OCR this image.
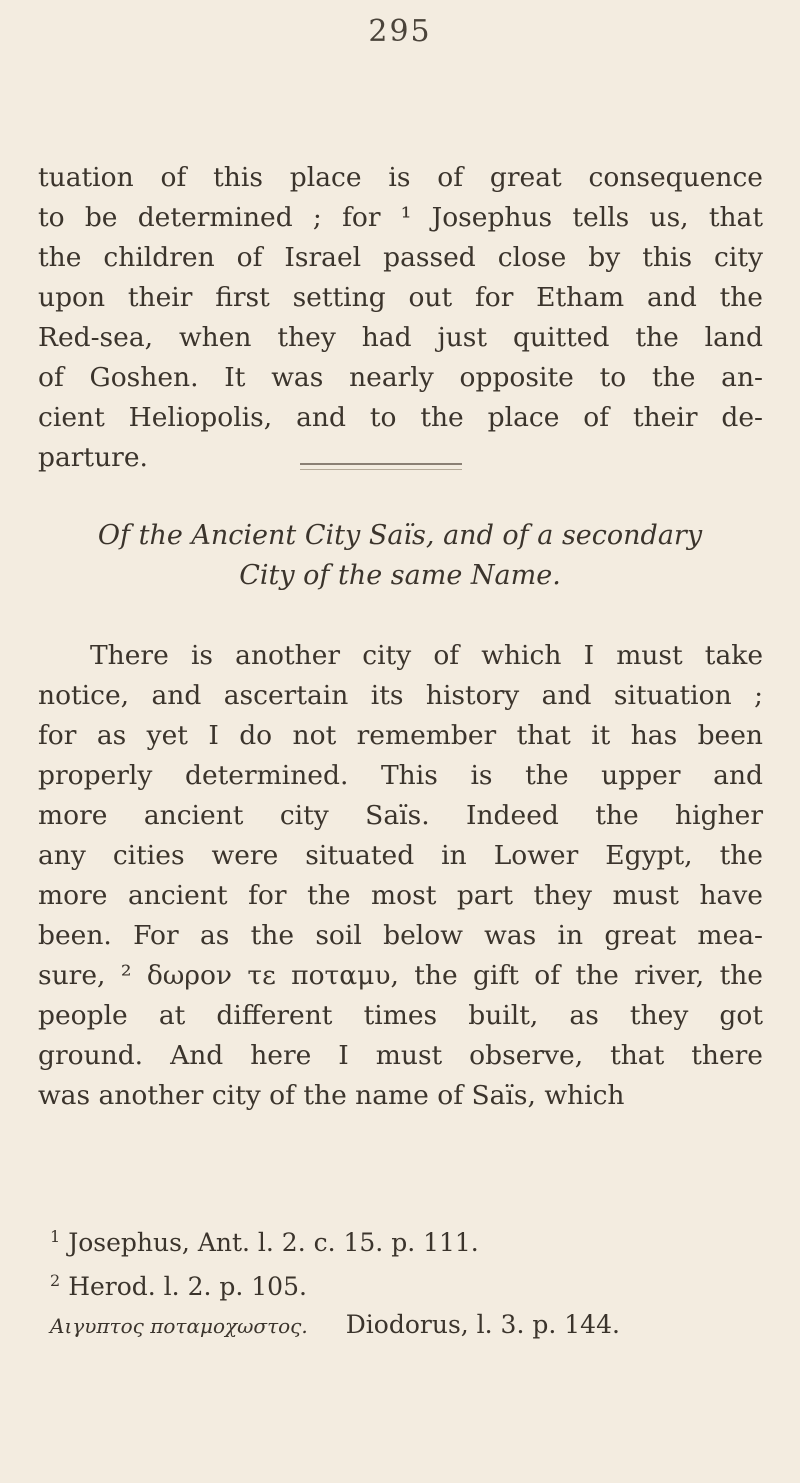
295
tuation of this place is of great consequence
to be determined ; for ¹ Josephus tells us, that
the children of Israel passed close by this city
upon their first setting out for Etham and the
Red-sea, when they had just quitted the land
of Goshen. It was nearly opposite to the an-
cient Heliopolis, and to the place of their de-
parture.
Of the Ancient City Saïs, and of a secondary
City of the same Name.
There is another city of which I must take
notice, and ascertain its history and situation ;
for as yet I do not remember that it has been
properly determined. This is the upper and
more ancient city Saïs. Indeed the higher
any cities were situated in Lower Egypt, the
more ancient for the most part they must have
been. For as the soil below was in great mea-
sure, ² δωρον τε ποταμυ, the gift of the river, the
people at different times built, as they got
ground. And here I must observe, that there
was another city of the name of Saïs, which
$^1$ Josephus, Ant. l. 2. c. 15. p. 111.
$^2$ Herod. l. 2. p. 105.
Αιγυπτος ποταμοχωστος. Diodorus, l. 3. p. 144.
